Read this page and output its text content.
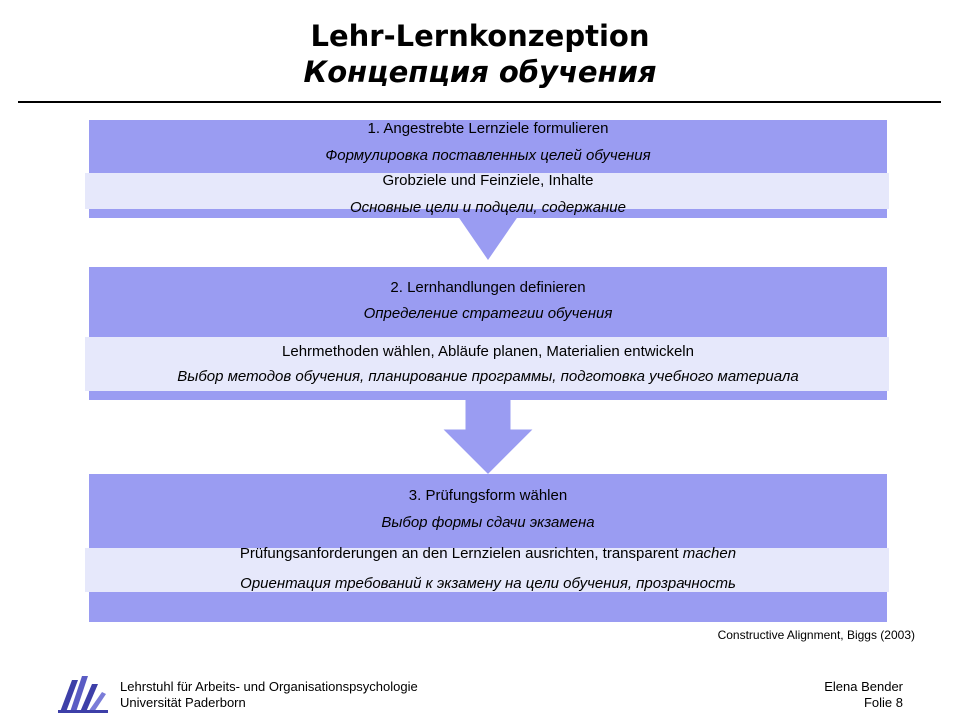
Lehr-Lernkonzeption
Концепция обучения
1. Angestrebte Lernziele formulieren
Формулировка поставленных целей обучения
Grobziele und Feinziele, Inhalte
Основные цели и подцели, содержание
2. Lernhandlungen definieren
Определение стратегии обучения
Lehrmethoden wählen, Abläufe planen, Materialien entwickeln
Выбор методов обучения, планирование программы, подготовка учебного материала
3. Prüfungsform wählen
Выбор формы сдачи экзамена
Prüfungsanforderungen an den Lernzielen ausrichten, transparent machen
Ориентация требований к экзамену на цели обучения, прозрачность
Constructive Alignment, Biggs (2003)
Lehrstuhl für Arbeits- und Organisationspsychologie
Universität Paderborn
Elena Bender
Folie 8
